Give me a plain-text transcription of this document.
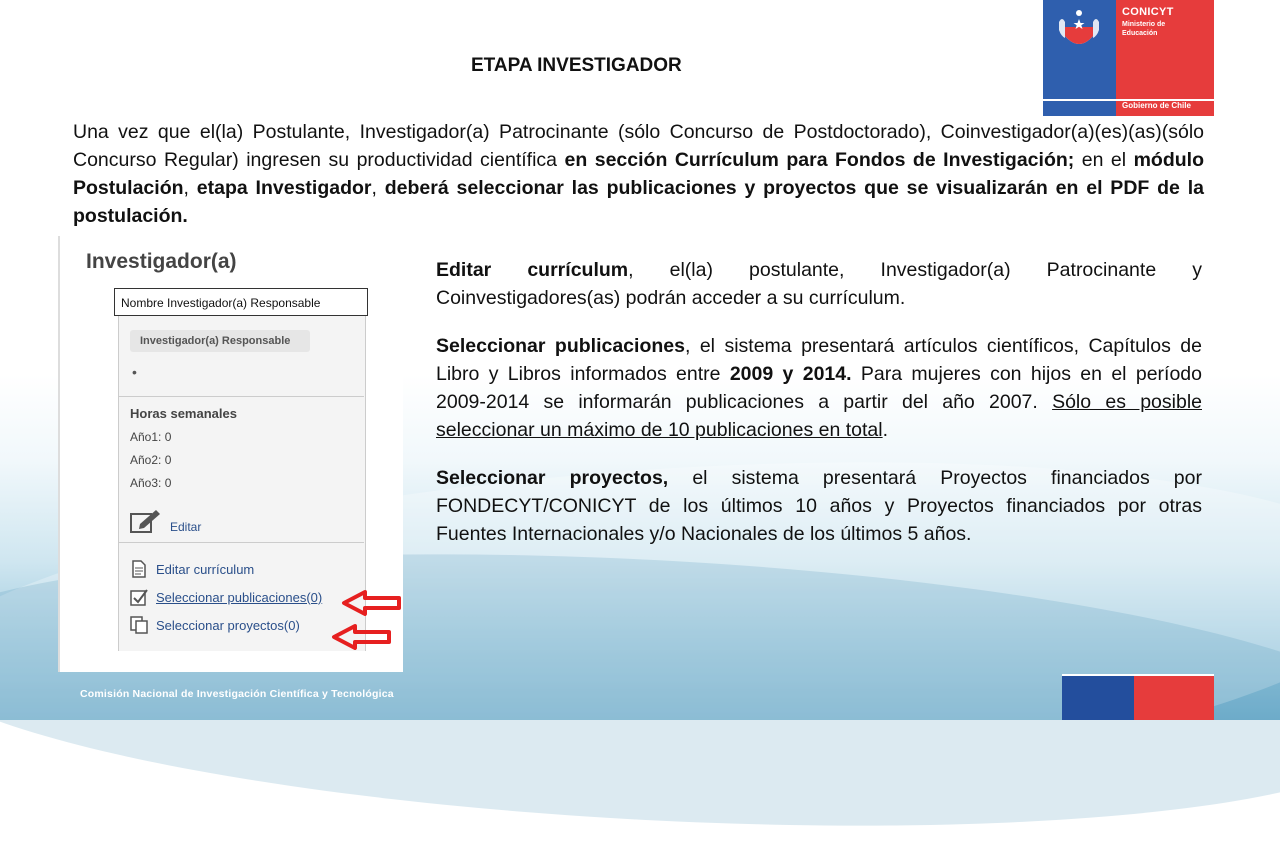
CONICYT
Ministerio de
Educación
Gobierno de Chile
ETAPA INVESTIGADOR

Una vez que el(la) Postulante, Investigador(a) Patrocinante (sólo Concurso de Postdoctorado), Coinvestigador(a)(es)(as)(sólo Concurso Regular) ingresen su productividad científica en sección Currículum para Fondos de Investigación; en el módulo Postulación, etapa Investigador, deberá seleccionar las publicaciones y proyectos que se visualizarán en el PDF de la postulación.

Investigador(a)
Nombre Investigador(a) Responsable
Investigador(a) Responsable
•
Horas semanales
Año1: 0
Año2: 0
Año3: 0
Editar
Editar currículum
Seleccionar publicaciones(0)
Seleccionar proyectos(0)

Editar currículum, el(la) postulante, Investigador(a) Patrocinante y Coinvestigadores(as) podrán acceder a su currículum.

Seleccionar publicaciones, el sistema presentará artículos científicos, Capítulos de Libro y Libros informados entre 2009 y 2014. Para mujeres con hijos en el período 2009-2014 se informarán publicaciones a partir del año 2007. Sólo es posible seleccionar un máximo de 10 publicaciones en total.

Seleccionar proyectos, el sistema presentará Proyectos financiados por FONDECYT/CONICYT de los últimos 10 años y Proyectos financiados por otras Fuentes Internacionales y/o Nacionales de los últimos 5 años.

Comisión Nacional de Investigación Científica y Tecnológica
